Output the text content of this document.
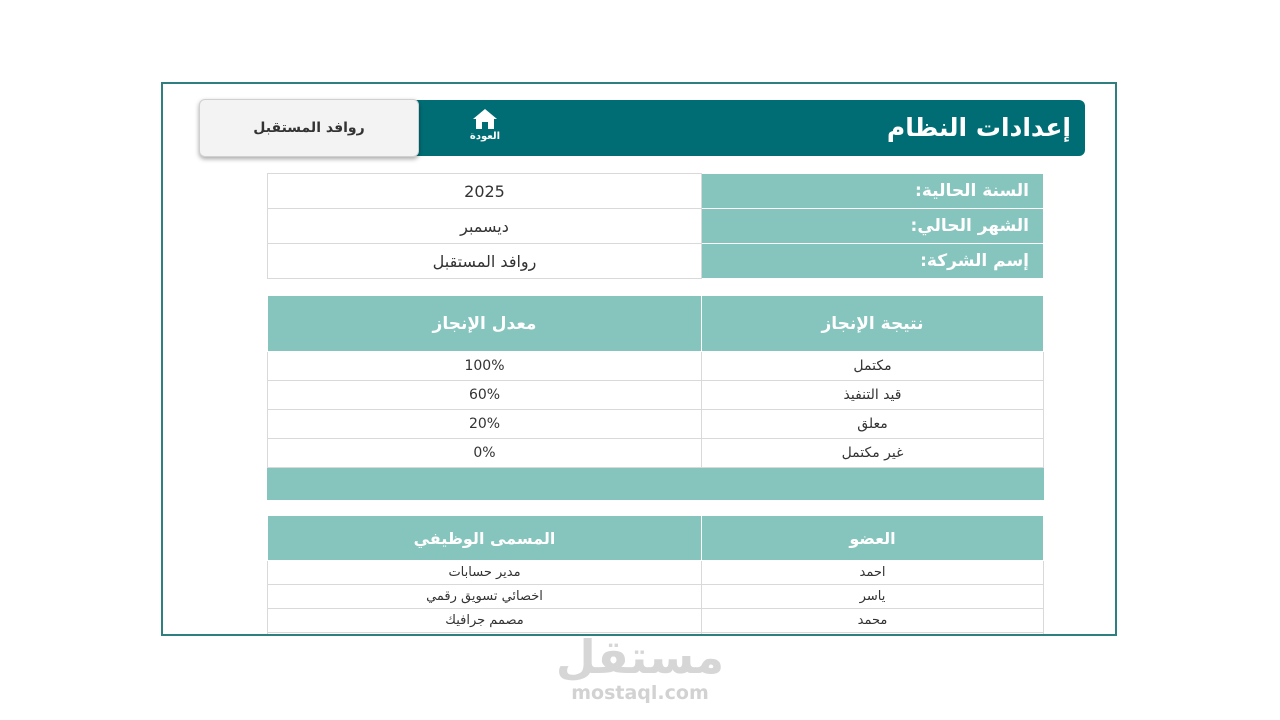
إعدادات النظام
العودة
روافد المستقبل
2025	السنة الحالية:
ديسمبر	الشهر الحالي:
روافد المستقبل	إسم الشركة:
معدل الإنجاز	نتيجة الإنجاز
100%	مكتمل
60%	قيد التنفيذ
20%	معلق
0%	غير مكتمل

المسمى الوظيفي	العضو
مدير حسابات	احمد
اخصائي تسويق رقمي	ياسر
مصمم جرافيك	محمد

مستقل
mostaql.com
